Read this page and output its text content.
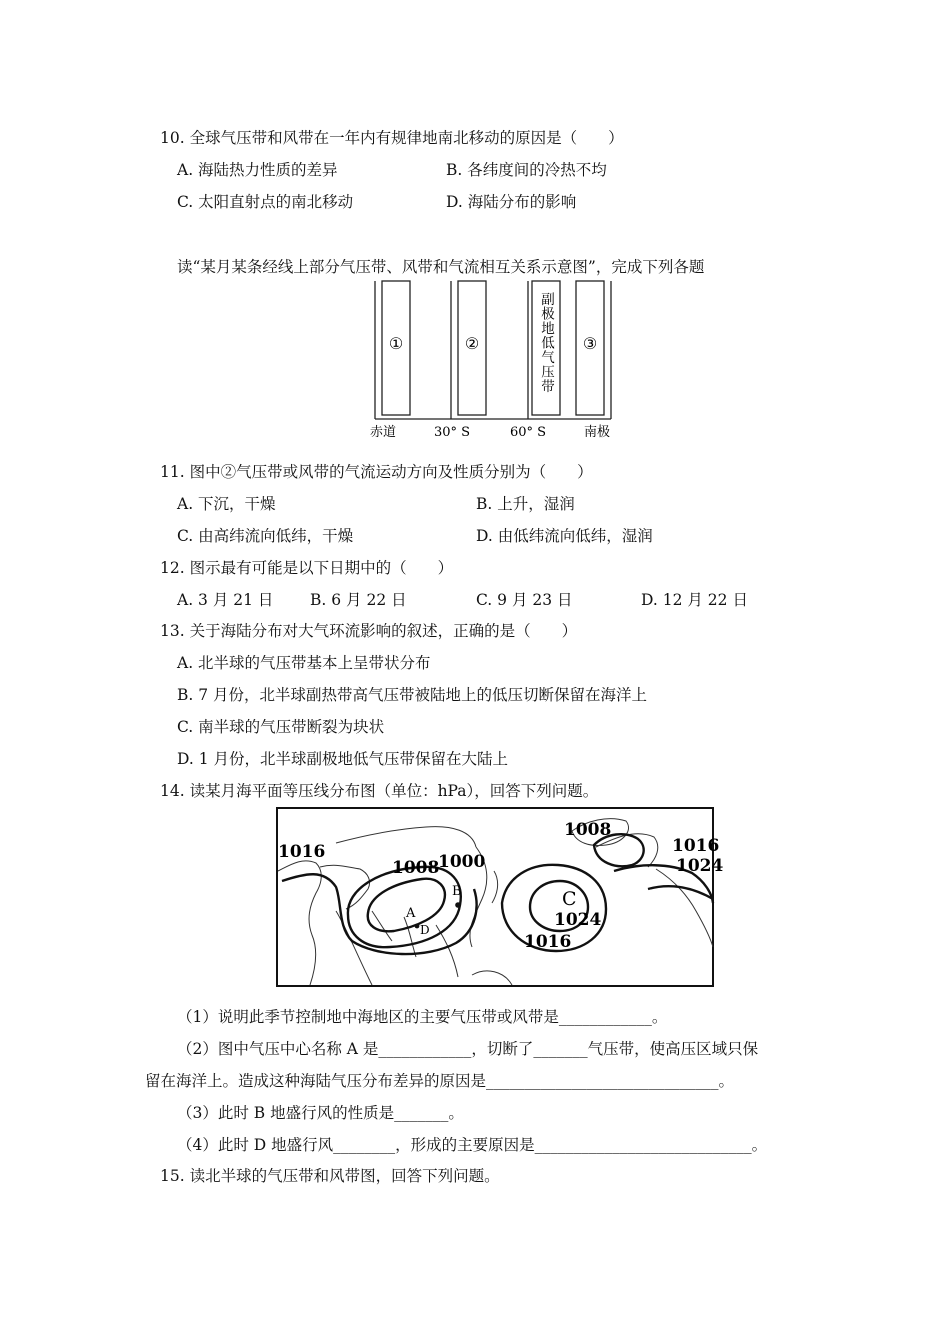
10. 全球气压带和风带在一年内有规律地南北移动的原因是（　　）
A. 海陆热力性质的差异	B. 各纬度间的冷热不均
C. 太阳直射点的南北移动	D. 海陆分布的影响
读“某月某条经线上部分气压带、风带和气流相互关系示意图”，完成下列各题
①	②	③
副极地低气压带
赤道	30° S	60° S	南极
11. 图中②气压带或风带的气流运动方向及性质分别为（　　）
A. 下沉，干燥	B. 上升，湿润
C. 由高纬流向低纬，干燥	D. 由低纬流向低纬，湿润
12. 图示最有可能是以下日期中的（　　）
A. 3 月 21 日 B. 6 月 22 日	C. 9 月 23 日	D. 12 月 22 日
13. 关于海陆分布对大气环流影响的叙述，正确的是（　　）
A. 北半球的气压带基本上呈带状分布
B. 7 月份，北半球副热带高气压带被陆地上的低压切断保留在海洋上
C. 南半球的气压带断裂为块状
D. 1 月份，北半球副极地低气压带保留在大陆上
14. 读某月海平面等压线分布图（单位：hPa），回答下列问题。
1016
1008
1000
1008
1016
1024
1016
1024
A
B	C
D
（1）说明此季节控制地中海地区的主要气压带或风带是____________。
（2）图中气压中心名称 A 是____________，切断了_______气压带，使高压区域只保
留在海洋上。造成这种海陆气压分布差异的原因是______________________________。
（3）此时 B 地盛行风的性质是_______。
（4）此时 D 地盛行风________，形成的主要原因是____________________________。
15. 读北半球的气压带和风带图，回答下列问题。
